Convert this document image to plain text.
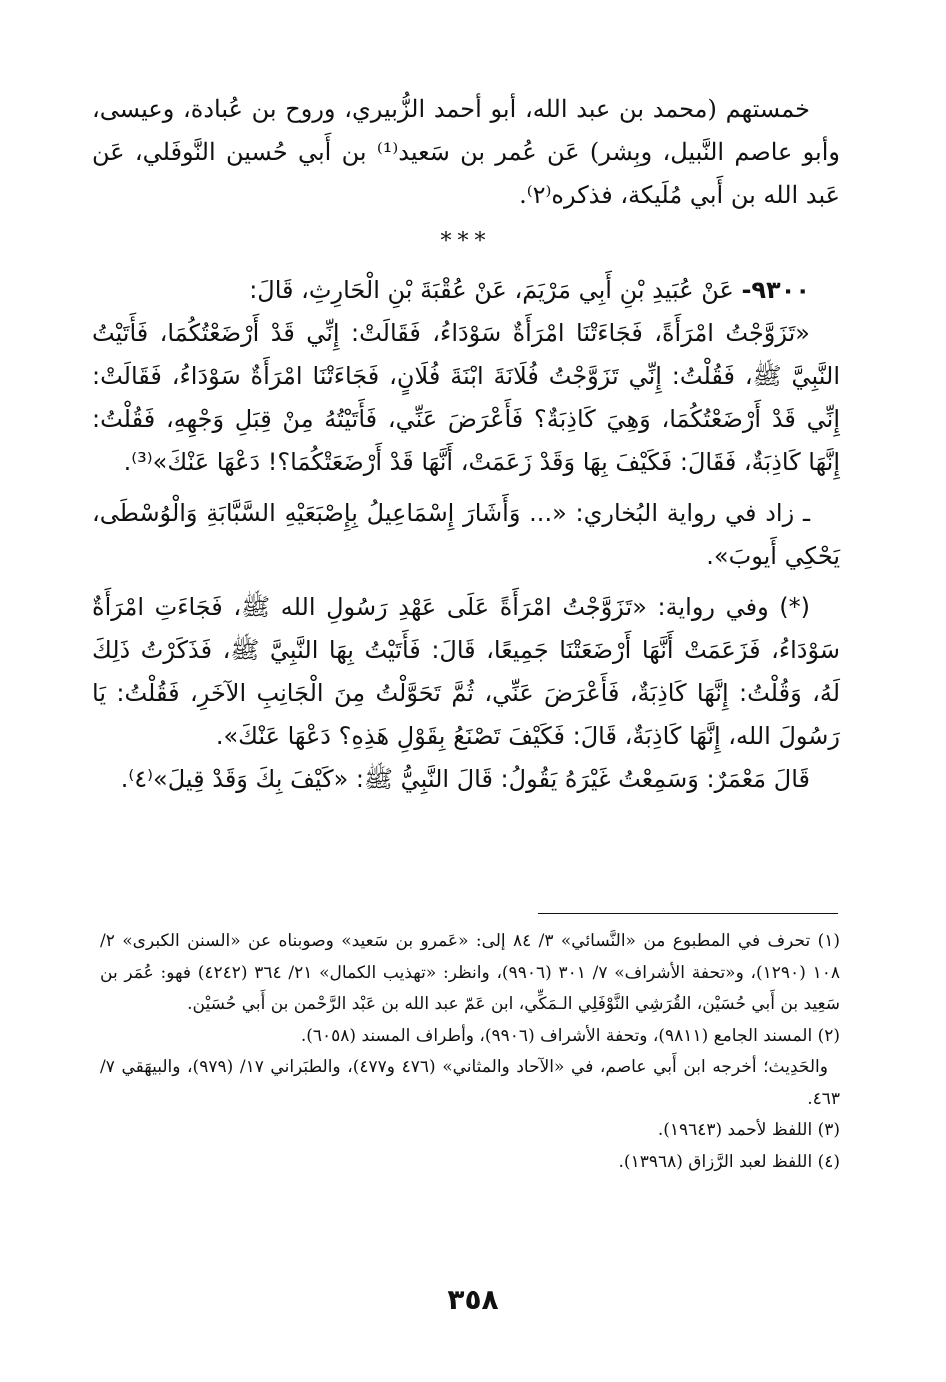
خمستهم (محمد بن عبد الله، أبو أحمد الزُّبيري، وروح بن عُبادة، وعيسى، وأبو عاصم النَّبيل، وبِشر) عَن عُمر بن سَعيد⁽¹⁾ بن أَبي حُسين النَّوفَلي، عَن عَبد الله بن أَبي مُلَيكة، فذكره⁽٢⁾.

***

٩٣٠٠- عَنْ عُبَيدِ بْنِ أَبِي مَرْيَمَ، عَنْ عُقْبَةَ بْنِ الْحَارِثِ، قَالَ:

«تَزَوَّجْتُ امْرَأَةً، فَجَاءَتْنَا امْرَأَةٌ سَوْدَاءُ، فَقَالَتْ: إِنِّي قَدْ أَرْضَعْتُكُمَا، فَأَتَيْتُ النَّبِيَّ ﷺ، فَقُلْتُ: إِنِّي تَزَوَّجْتُ فُلَانَةَ ابْنَةَ فُلَانٍ، فَجَاءَتْنَا امْرَأَةٌ سَوْدَاءُ، فَقَالَتْ: إِنِّي قَدْ أَرْضَعْتُكُمَا، وَهِيَ كَاذِبَةٌ؟ فَأَعْرَضَ عَنِّي، فَأَتَيْتُهُ مِنْ قِبَلِ وَجْهِهِ، فَقُلْتُ: إِنَّهَا كَاذِبَةٌ، فَقَالَ: فَكَيْفَ بِهَا وَقَدْ زَعَمَتْ، أَنَّهَا قَدْ أَرْضَعَتْكُمَا؟! دَعْهَا عَنْكَ»⁽³⁾.

ـ زاد في رواية البُخاري: «... وَأَشَارَ إِسْمَاعِيلُ بِإِصْبَعَيْهِ السَّبَّابَةِ وَالْوُسْطَى، يَحْكِي أَيوبَ».

(*) وفي رواية: «تَزَوَّجْتُ امْرَأَةً عَلَى عَهْدِ رَسُولِ الله ﷺ، فَجَاءَتِ امْرَأَةٌ سَوْدَاءُ، فَزَعَمَتْ أَنَّهَا أَرْضَعَتْنَا جَمِيعًا، قَالَ: فَأَتَيْتُ بِهَا النَّبِيَّ ﷺ، فَذَكَرْتُ ذَلِكَ لَهُ، وَقُلْتُ: إِنَّهَا كَاذِبَةٌ، فَأَعْرَضَ عَنِّي، ثُمَّ تَحَوَّلْتُ مِنَ الْجَانِبِ الآخَرِ، فَقُلْتُ: يَا رَسُولَ الله، إِنَّهَا كَاذِبَةٌ، قَالَ: فَكَيْفَ تَصْنَعُ بِقَوْلِ هَذِهِ؟ دَعْهَا عَنْكَ».

قَالَ مَعْمَرٌ: وَسَمِعْتُ غَيْرَهُ يَقُولُ: قَالَ النَّبِيُّ ﷺ: «كَيْفَ بِكَ وَقَدْ قِيلَ»⁽٤⁾.

(١) تحرف في المطبوع من «النَّسائي» ٣/ ٨٤ إلى: «عَمرو بن سَعيد» وصوبناه عن «السنن الكبرى» ٢/ ١٠٨ (١٢٩٠)، و«تحفة الأشراف» ٧/ ٣٠١ (٩٩٠٦)، وانظر: «تهذيب الكمال» ٢١/ ٣٦٤ (٤٢٤٢) فهو: عُمَر بن سَعِيد بن أَبي حُسَيْن، القُرَشِي النَّوْفَلِي الـمَكِّي، ابن عَمّ عبد الله بن عَبْد الرَّحْمن بن أَبي حُسَيْن.

(٢) المسند الجامع (٩٨١١)، وتحفة الأشراف (٩٩٠٦)، وأطراف المسند (٦٠٥٨).

والحَدِيث؛ أخرجه ابن أَبي عاصم، في «الآحاد والمثاني» (٤٧٦ و٤٧٧)، والطبَراني ١٧/ (٩٧٩)، والبيهَقي ٧/ ٤٦٣.

(٣) اللفظ لأحمد (١٩٦٤٣).

(٤) اللفظ لعبد الرَّزاق (١٣٩٦٨).

٣٥٨
